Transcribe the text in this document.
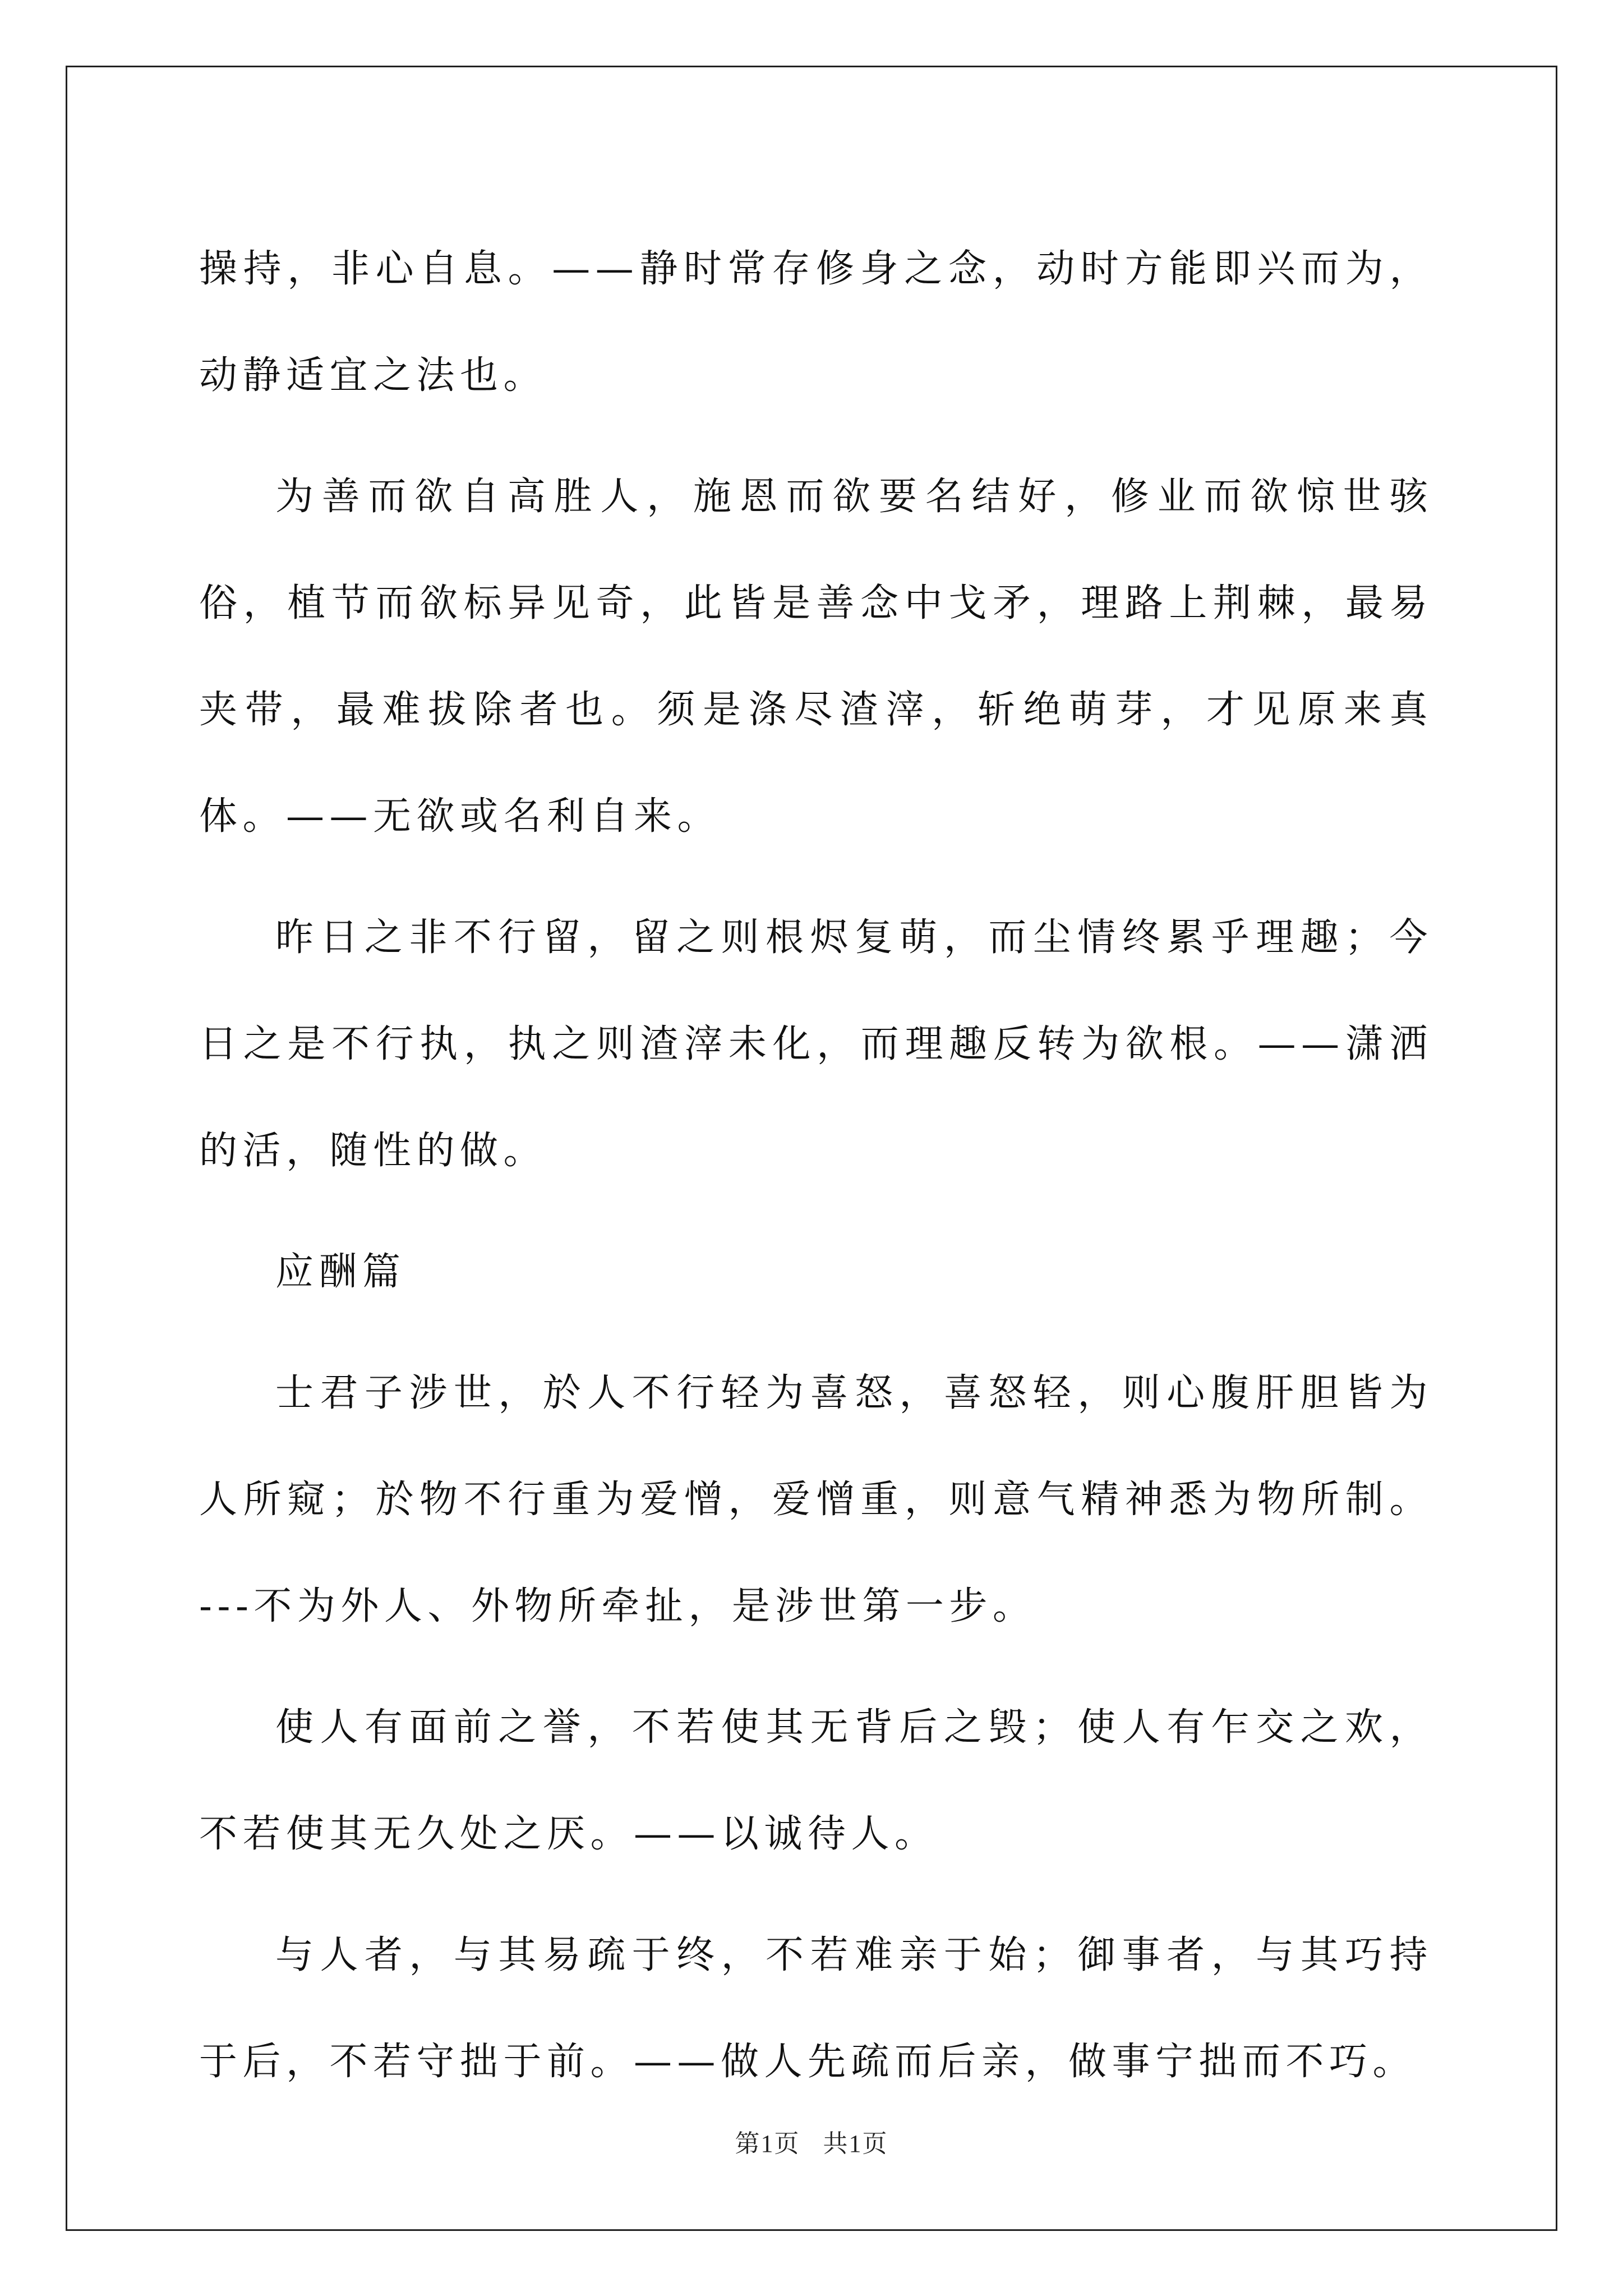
操持，非心自息。——静时常存修身之念，动时方能即兴而为，动静适宜之法也。

为善而欲自高胜人，施恩而欲要名结好，修业而欲惊世骇俗，植节而欲标异见奇，此皆是善念中戈矛，理路上荆棘，最易夹带，最难拔除者也。须是涤尽渣滓，斩绝萌芽，才见原来真体。——无欲或名利自来。

昨日之非不行留，留之则根烬复萌，而尘情终累乎理趣；今日之是不行执，执之则渣滓未化，而理趣反转为欲根。——潇洒的活，随性的做。

应酬篇

士君子涉世，於人不行轻为喜怒，喜怒轻，则心腹肝胆皆为人所窥；於物不行重为爱憎，爱憎重，则意气精神悉为物所制。---不为外人、外物所牵扯，是涉世第一步。

使人有面前之誉，不若使其无背后之毁；使人有乍交之欢，不若使其无久处之厌。——以诚待人。

与人者，与其易疏于终，不若难亲于始；御事者，与其巧持于后，不若守拙于前。——做人先疏而后亲，做事宁拙而不巧。

第1页 共1页
